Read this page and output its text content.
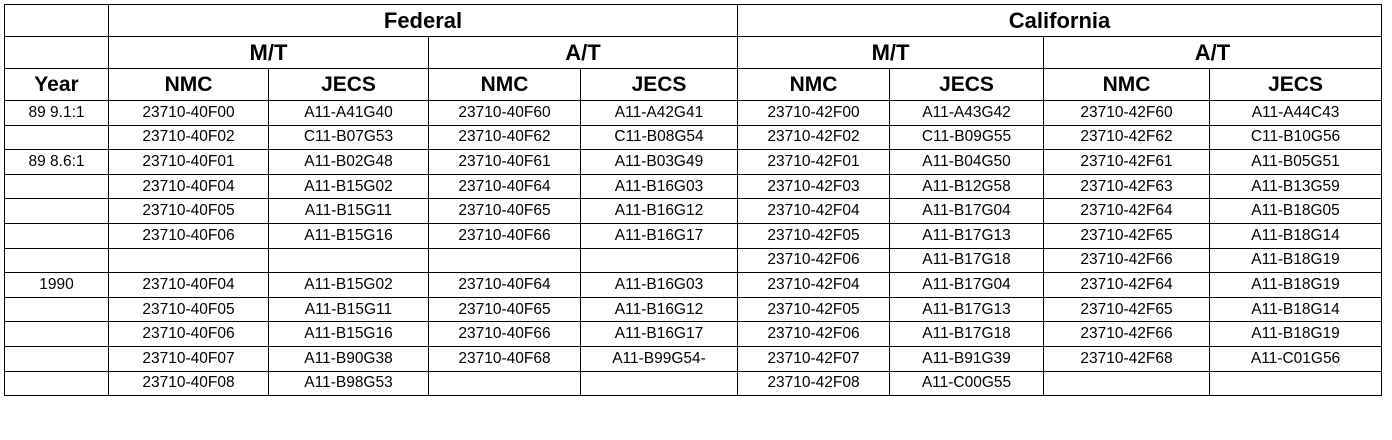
	Federal				California			
	M/T		A/T		M/T		A/T	
Year	NMC	JECS	NMC	JECS	NMC	JECS	NMC	JECS
89 9.1:1	23710-40F00	A11-A41G40	23710-40F60	A11-A42G41	23710-42F00	A11-A43G42	23710-42F60	A11-A44C43
	23710-40F02	C11-B07G53	23710-40F62	C11-B08G54	23710-42F02	C11-B09G55	23710-42F62	C11-B10G56
89 8.6:1	23710-40F01	A11-B02G48	23710-40F61	A11-B03G49	23710-42F01	A11-B04G50	23710-42F61	A11-B05G51
	23710-40F04	A11-B15G02	23710-40F64	A11-B16G03	23710-42F03	A11-B12G58	23710-42F63	A11-B13G59
	23710-40F05	A11-B15G11	23710-40F65	A11-B16G12	23710-42F04	A11-B17G04	23710-42F64	A11-B18G05
	23710-40F06	A11-B15G16	23710-40F66	A11-B16G17	23710-42F05	A11-B17G13	23710-42F65	A11-B18G14
					23710-42F06	A11-B17G18	23710-42F66	A11-B18G19
1990	23710-40F04	A11-B15G02	23710-40F64	A11-B16G03	23710-42F04	A11-B17G04	23710-42F64	A11-B18G19
	23710-40F05	A11-B15G11	23710-40F65	A11-B16G12	23710-42F05	A11-B17G13	23710-42F65	A11-B18G14
	23710-40F06	A11-B15G16	23710-40F66	A11-B16G17	23710-42F06	A11-B17G18	23710-42F66	A11-B18G19
	23710-40F07	A11-B90G38	23710-40F68	A11-B99G54-	23710-42F07	A11-B91G39	23710-42F68	A11-C01G56
	23710-40F08	A11-B98G53			23710-42F08	A11-C00G55		
